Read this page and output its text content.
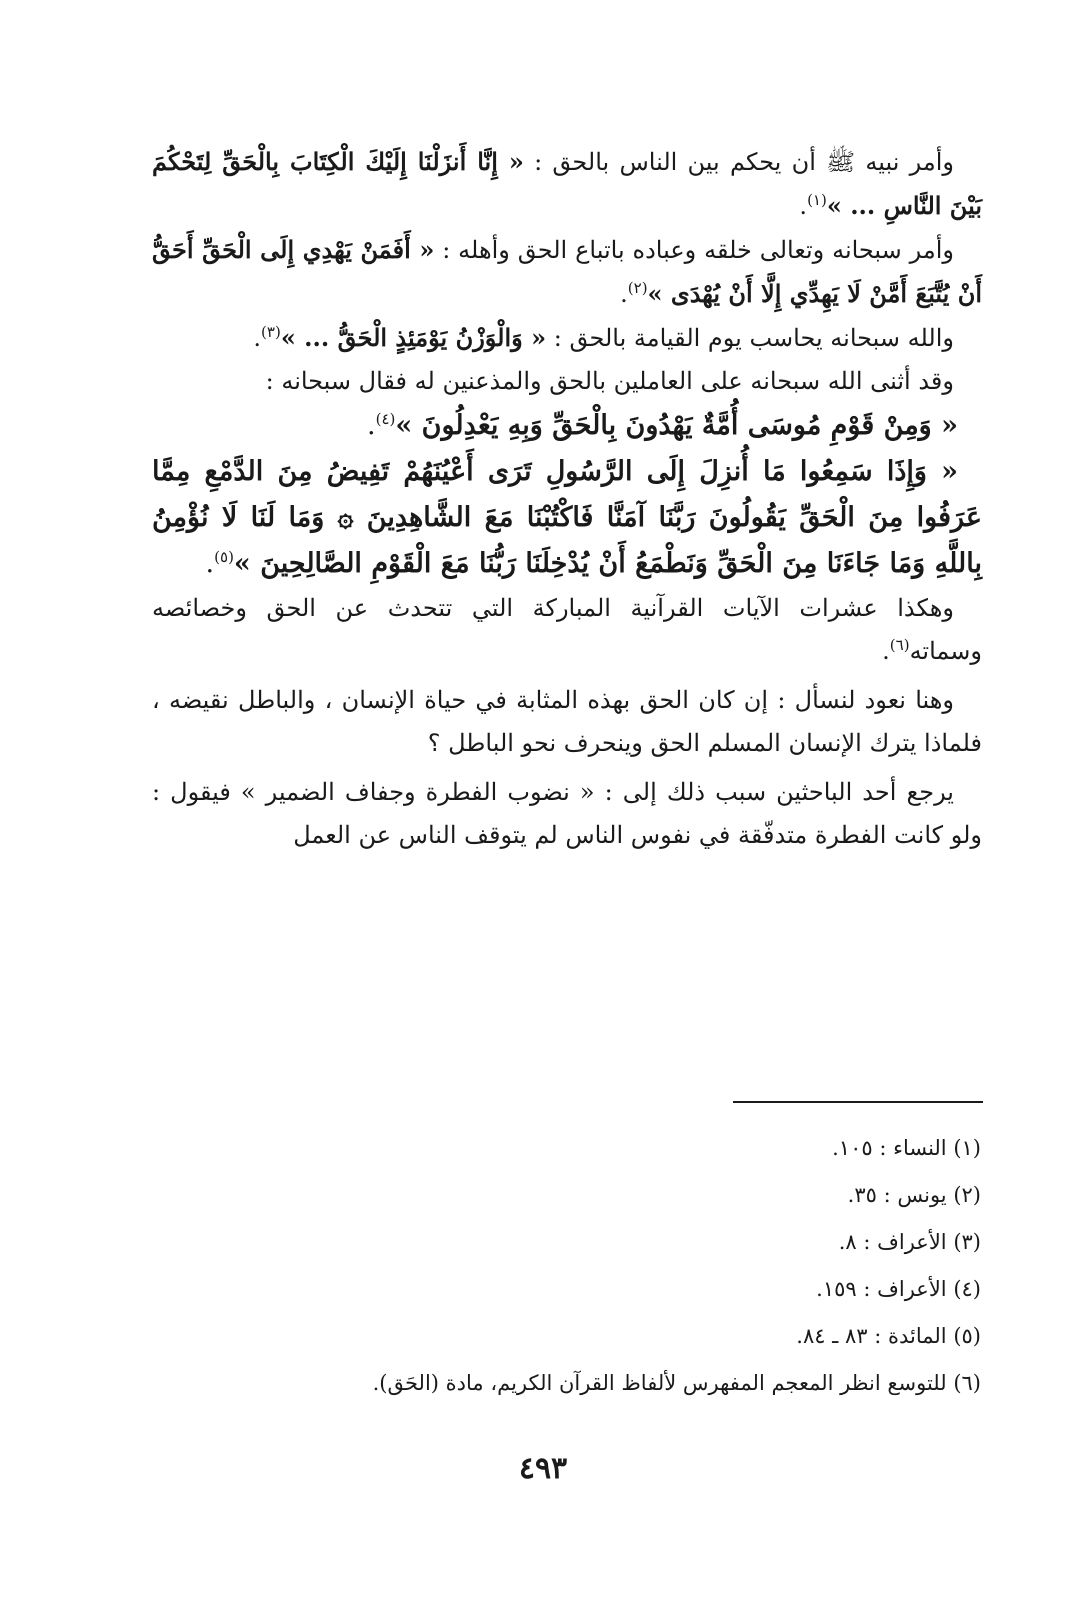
وأمر نبيه ﷺ أن يحكم بين الناس بالحق : « إِنَّا أَنزَلْنَا إِلَيْكَ الْكِتَابَ بِالْحَقِّ لِتَحْكُمَ بَيْنَ النَّاسِ ... »$^{(١)}$.

وأمر سبحانه وتعالى خلقه وعباده باتباع الحق وأهله : « أَفَمَنْ يَهْدِي إِلَى الْحَقِّ أَحَقُّ أَنْ يُتَّبَعَ أَمَّنْ لَا يَهِدِّي إِلَّا أَنْ يُهْدَى »$^{(٢)}$.

والله سبحانه يحاسب يوم القيامة بالحق : « وَالْوَزْنُ يَوْمَئِذٍ الْحَقُّ ... »$^{(٣)}$.

وقد أثنى الله سبحانه على العاملين بالحق والمذعنين له فقال سبحانه :

« وَمِنْ قَوْمِ مُوسَى أُمَّةٌ يَهْدُونَ بِالْحَقِّ وَبِهِ يَعْدِلُونَ »$^{(٤)}$.

« وَإِذَا سَمِعُوا مَا أُنزِلَ إِلَى الرَّسُولِ تَرَى أَعْيُنَهُمْ تَفِيضُ مِنَ الدَّمْعِ مِمَّا عَرَفُوا مِنَ الْحَقِّ يَقُولُونَ رَبَّنَا آمَنَّا فَاكْتُبْنَا مَعَ الشَّاهِدِينَ ۞ وَمَا لَنَا لَا نُؤْمِنُ بِاللَّهِ وَمَا جَاءَنَا مِنَ الْحَقِّ وَنَطْمَعُ أَنْ يُدْخِلَنَا رَبُّنَا مَعَ الْقَوْمِ الصَّالِحِينَ »$^{(٥)}$.

وهكذا عشرات الآيات القرآنية المباركة التي تتحدث عن الحق وخصائصه وسماته$^{(٦)}$.

وهنا نعود لنسأل : إن كان الحق بهذه المثابة في حياة الإنسان ، والباطل نقيضه ، فلماذا يترك الإنسان المسلم الحق وينحرف نحو الباطل ؟

يرجع أحد الباحثين سبب ذلك إلى : « نضوب الفطرة وجفاف الضمير » فيقول : ولو كانت الفطرة متدفّقة في نفوس الناس لم يتوقف الناس عن العمل

(١) النساء : ١٠٥.

(٢) يونس : ٣٥.

(٣) الأعراف : ٨.

(٤) الأعراف : ١٥٩.

(٥) المائدة : ٨٣ ـ ٨٤.

(٦) للتوسع انظر المعجم المفهرس لألفاظ القرآن الكريم، مادة (الحَق).

٤٩٣
